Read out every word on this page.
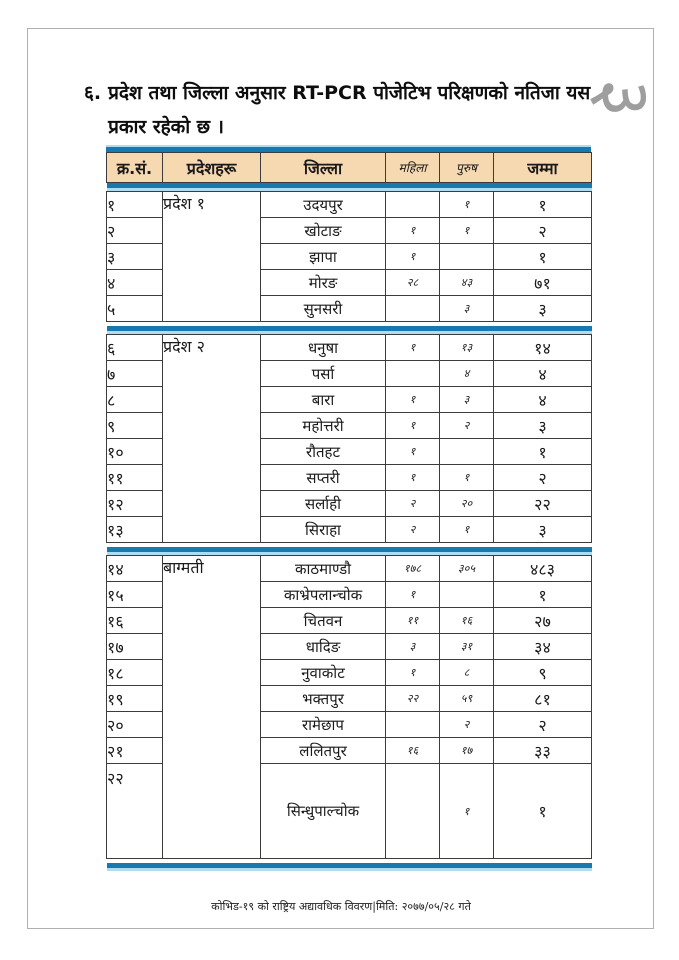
३
६. प्रदेश तथा जिल्ला अनुसार RT-PCR पोजेटिभ परिक्षणको नतिजा यस
प्रकार रहेको छ ।
क्र.सं.	प्रदेशहरू	जिल्ला	महिला	पुरुष	जम्मा

१	प्रदेश १	उदयपुर		१	१
२		खोटाङ	१	१	२
३		झापा	१		१
४		मोरङ	२८	४३	७१
५		सुनसरी		३	३

६	प्रदेश २	धनुषा	१	१३	१४
७		पर्सा		४	४
८		बारा	१	३	४
९		महोत्तरी	१	२	३
१०		रौतहट	१		१
११		सप्तरी	१	१	२
१२		सर्लाही	२	२०	२२
१३		सिराहा	२	१	३

१४	बाग्मती	काठमाण्डौ	१७८	३०५	४८३
१५		काभ्रेपलान्चोक	१		१
१६		चितवन	११	१६	२७
१७		धादिङ	३	३१	३४
१८		नुवाकोट	१	८	९
१९		भक्तपुर	२२	५९	८१
२०		रामेछाप		२	२
२१		ललितपुर	१६	१७	३३
२२		सिन्धुपाल्चोक		१	१

कोभिड-१९ को राष्ट्रिय अद्यावधिक विवरण|मिति: २०७७/०५/२८ गते
